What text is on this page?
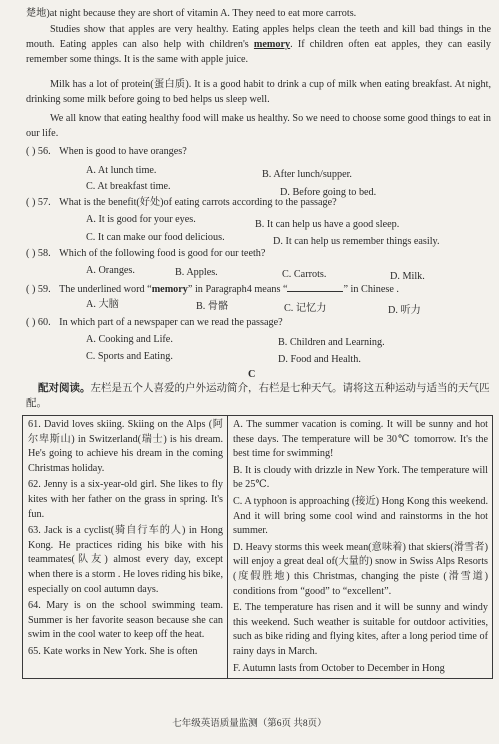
楚地)at night because they are short of vitamin A. They need to eat more carrots.

Studies show that apples are very healthy. Eating apples helps clean the teeth and kill bad things in the mouth. Eating apples can also help with children's memory. If children often eat apples, they can easily remember some things. It is the same with apple juice.

Milk has a lot of protein(蛋白质). It is a good habit to drink a cup of milk when eating breakfast. At night, drinking some milk before going to bed helps us sleep well.

We all know that eating healthy food will make us healthy. So we need to choose some good things to eat in our life.

( ) 56. When is good to have oranges?
A. At lunch time.	B. After lunch/supper.
C. At breakfast time.
D. Before going to bed.
( ) 57. What is the benefit(好处)of eating carrots according to the passage?
A. It is good for your eyes.	B. It can help us have a good sleep.
C. It can make our food delicious.	D. It can help us remember things easily.
( ) 58. Which of the following food is good for our teeth?
A. Oranges.	B. Apples.	C. Carrots.	D. Milk.
( ) 59. The underlined word “memory” in Paragraph4 means “	” in Chinese .
A. 大脑	B. 骨骼	C. 记忆力	D. 听力
( ) 60. In which part of a newspaper can we read the passage?
A. Cooking and Life.	B. Children and Learning.
C. Sports and Eating.	D. Food and Health.
C
配对阅读。左栏是五个人喜爱的户外运动简介，右栏是七种天气。请将这五种运动与适当的天气匹配。
61. David loves skiing. Skiing on the Alps (阿尔卑斯山) in Switzerland(瑞士) is his dream. He's going to achieve his dream in the coming Christmas holiday.
62. Jenny is a six-year-old girl. She likes to fly kites with her father on the grass in spring. It's fun.
63. Jack is a cyclist(骑自行车的人) in Hong Kong. He practices riding his bike with his teammates(队友) almost every day, except when there is a storm . He loves riding his bike, especially on cool autumn days.
64. Mary is on the school swimming team. Summer is her favorite season because she can swim in the cool water to keep off the heat.
65. Kate works in New York. She is often

A. The summer vacation is coming. It will be sunny and hot these days. The temperature will be 30℃ tomorrow. It's the best time for swimming!
B. It is cloudy with drizzle in New York. The temperature will be 25℃.
C. A typhoon is approaching (接近) Hong Kong this weekend. And it will bring some cool wind and rainstorms in the hot summer.
D. Heavy storms this week mean(意味着) that skiers(滑雪者) will enjoy a great deal of(大量的) snow in Swiss Alps Resorts (度假胜地) this Christmas, changing the piste (滑雪道) conditions from “good” to “excellent”.
E. The temperature has risen and it will be sunny and windy this weekend. Such weather is suitable for outdoor activities, such as bike riding and flying kites, after a long period time of rainy days in March.
F. Autumn lasts from October to December in Hong
七年级英语质量监测（第6页 共8页）
